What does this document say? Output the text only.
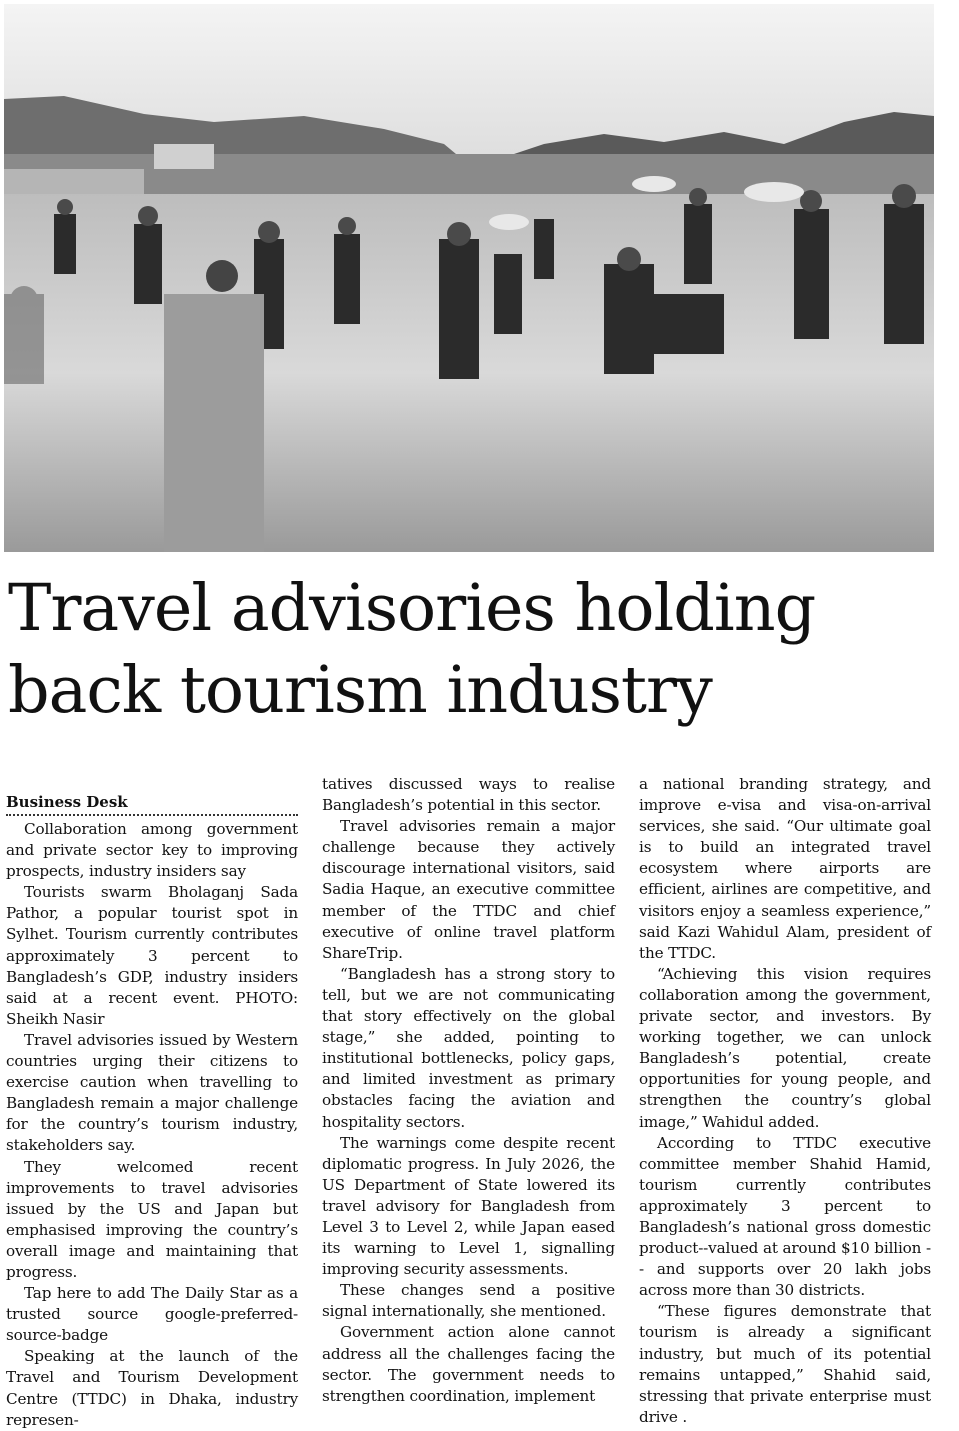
Travel advisories holding back tourism industry
Business Desk

Collaboration among government and private sector key to improving prospects, industry insiders say

Tourists swarm Bholaganj Sada Pathor, a popular tourist spot in Sylhet. Tourism currently contributes approximately 3 percent to Bangladesh’s GDP, industry insiders said at a recent event. PHOTO: Sheikh Nasir

Travel advisories issued by Western countries urging their citizens to exercise caution when travelling to Bangladesh remain a major challenge for the country’s tourism industry, stakeholders say.

They welcomed recent improvements to travel advisories issued by the US and Japan but emphasised improving the country’s overall image and maintaining that progress.

Tap here to add The Daily Star as a trusted source google-preferred-source-badge

Speaking at the launch of the Travel and Tourism Development Centre (TTDC) in Dhaka, industry represen-

tatives discussed ways to realise Bangladesh’s potential in this sector.

Travel advisories remain a major challenge because they actively discourage international visitors, said Sadia Haque, an executive committee member of the TTDC and chief executive of online travel platform ShareTrip.

“Bangladesh has a strong story to tell, but we are not communicating that story effectively on the global stage,” she added, pointing to institutional bottlenecks, policy gaps, and limited investment as primary obstacles facing the aviation and hospitality sectors.

The warnings come despite recent diplomatic progress. In July 2026, the US Department of State lowered its travel advisory for Bangladesh from Level 3 to Level 2, while Japan eased its warning to Level 1, signalling improving security assessments.

These changes send a positive signal internationally, she mentioned.

Government action alone cannot address all the challenges facing the sector. The government needs to strengthen coordination, implement

a national branding strategy, and improve e-visa and visa-on-arrival services, she said. “Our ultimate goal is to build an integrated travel ecosystem where airports are efficient, airlines are competitive, and visitors enjoy a seamless experience,” said Kazi Wahidul Alam, president of the TTDC.

“Achieving this vision requires collaboration among the government, private sector, and investors. By working together, we can unlock Bangladesh’s potential, create opportunities for young people, and strengthen the country’s global image,” Wahidul added.

According to TTDC executive committee member Shahid Hamid, tourism currently contributes approximately 3 percent to Bangladesh’s national gross domestic product--valued at around $10 billion -- and supports over 20 lakh jobs across more than 30 districts.

“These figures demonstrate that tourism is already a significant industry, but much of its potential remains untapped,” Shahid said, stressing that private enterprise must drive .
